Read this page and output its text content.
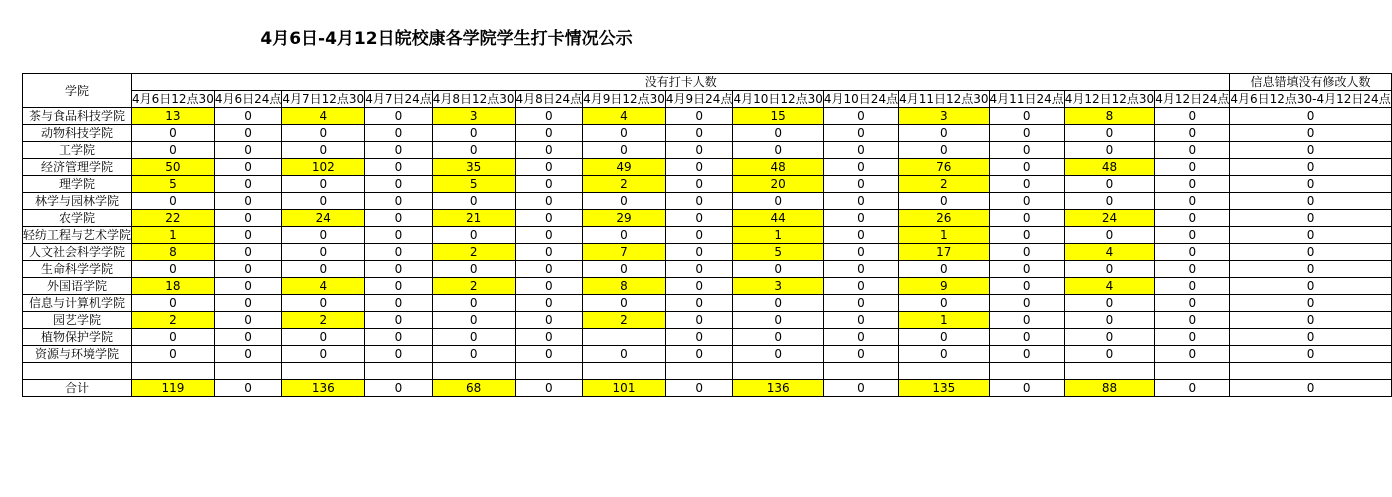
4月6日-4月12日皖校康各学院学生打卡情况公示
学院	没有打卡人数														信息错填没有修改人数
	4月6日12点30	4月6日24点	4月7日12点30	4月7日24点	4月8日12点30	4月8日24点	4月9日12点30	4月9日24点	4月10日12点30	4月10日24点	4月11日12点30	4月11日24点	4月12日12点30	4月12日24点	4月6日12点30-4月12日24点
茶与食品科技学院	13	0	4	0	3	0	4	0	15	0	3	0	8	0	0
动物科技学院	0	0	0	0	0	0	0	0	0	0	0	0	0	0	0
工学院	0	0	0	0	0	0	0	0	0	0	0	0	0	0	0
经济管理学院	50	0	102	0	35	0	49	0	48	0	76	0	48	0	0
理学院	5	0	0	0	5	0	2	0	20	0	2	0	0	0	0
林学与园林学院	0	0	0	0	0	0	0	0	0	0	0	0	0	0	0
农学院	22	0	24	0	21	0	29	0	44	0	26	0	24	0	0
轻纺工程与艺术学院	1	0	0	0	0	0	0	0	1	0	1	0	0	0	0
人文社会科学学院	8	0	0	0	2	0	7	0	5	0	17	0	4	0	0
生命科学学院	0	0	0	0	0	0	0	0	0	0	0	0	0	0	0
外国语学院	18	0	4	0	2	0	8	0	3	0	9	0	4	0	0
信息与计算机学院	0	0	0	0	0	0	0	0	0	0	0	0	0	0	0
园艺学院	2	0	2	0	0	0	2	0	0	0	1	0	0	0	0
植物保护学院	0	0	0	0	0	0		0	0	0	0	0	0	0	0
资源与环境学院	0	0	0	0	0	0	0	0	0	0	0	0	0	0	0

合计	119	0	136	0	68	0	101	0	136	0	135	0	88	0	0
